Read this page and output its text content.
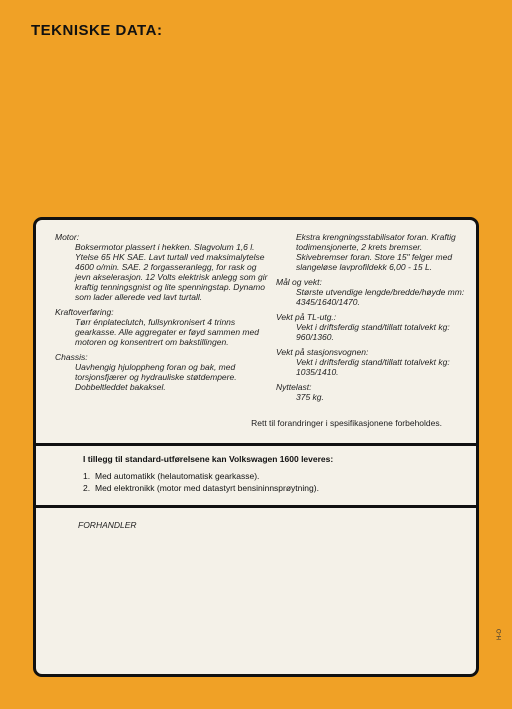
TEKNISKE DATA:
Motor:
Boksermotor plassert i hekken. Slagvolum 1,6 l. Ytelse 65 HK SAE. Lavt turtall ved maksimalytelse 4600 o/min. SAE. 2 forgasseranlegg, for rask og jevn akselerasjon. 12 Volts elektrisk anlegg som gir kraftig tenningsgnist og lite spenningstap. Dynamo som lader allerede ved lavt turtall.
Kraftoverføring:
Tørr énplateclutch, fullsynkronisert 4 trinns gearkasse. Alle aggregater er føyd sammen med motoren og konsentrert om bakstillingen.
Chassis:
Uavhengig hjuloppheng foran og bak, med torsjonsfjærer og hydrauliske støtdempere. Dobbeltleddet bakaksel.
Ekstra krengningsstabilisator foran. Kraftig todimensjonerte, 2 krets bremser. Skivebremser foran. Store 15" felger med slangeløse lavprofildekk 6,00 - 15 L.
Mål og vekt:
Største utvendige lengde/bredde/høyde mm: 4345/1640/1470.
Vekt på TL-utg.:
Vekt i driftsferdig stand/tillatt totalvekt kg: 960/1360.
Vekt på stasjonsvognen:
Vekt i driftsferdig stand/tillatt totalvekt kg: 1035/1410.
Nyttelast:
375 kg.
Rett til forandringer i spesifikasjonene forbeholdes.
I tillegg til standard-utførelsene kan Volkswagen 1600 leveres:
1. Med automatikk (helautomatisk gearkasse).
2. Med elektronikk (motor med datastyrt bensininnsprøytning).
FORHANDLER
H-O
